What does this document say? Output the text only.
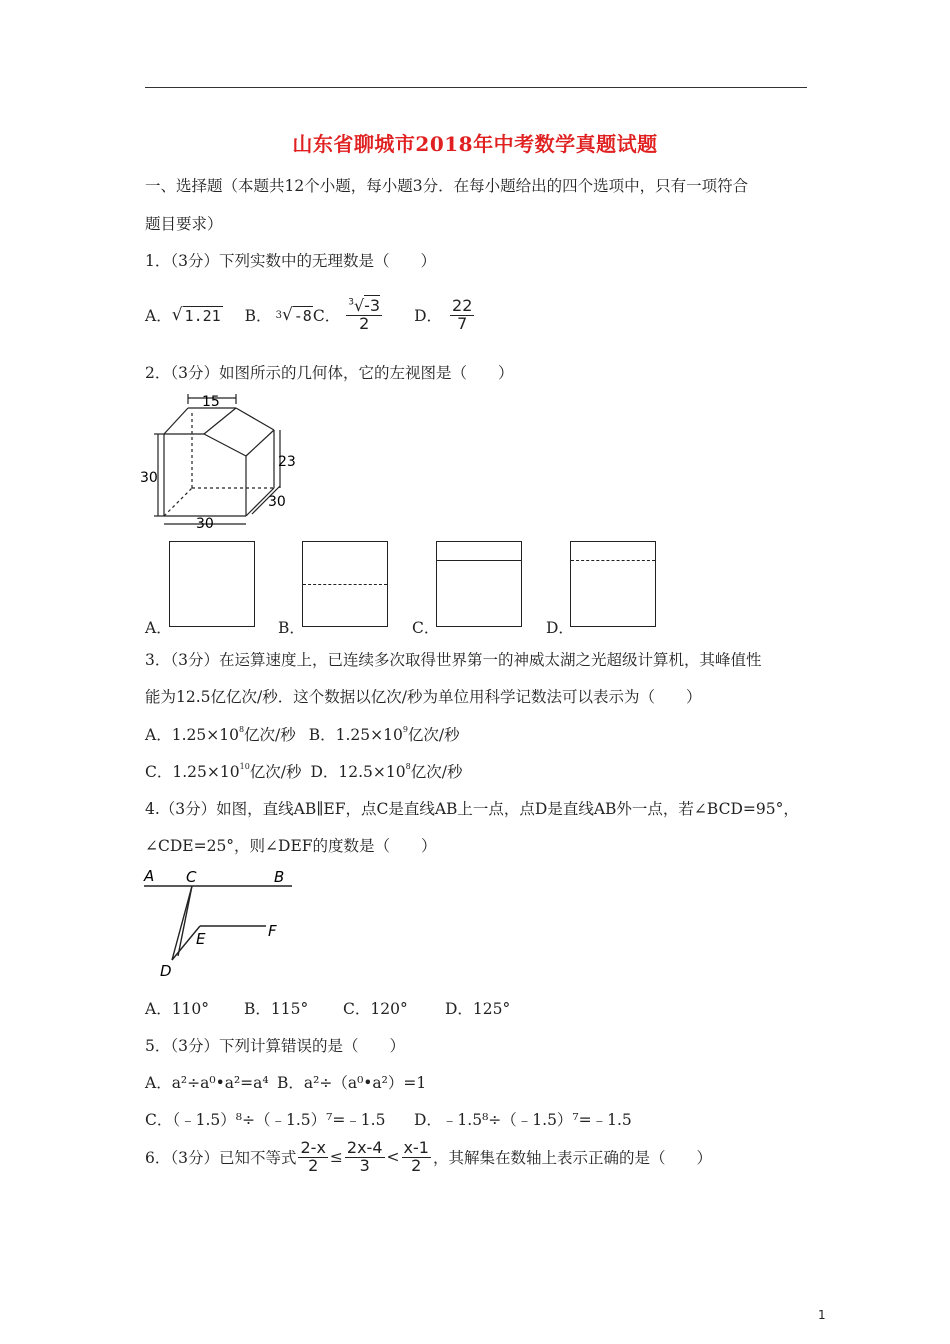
山东省聊城市2018年中考数学真题试题
一、选择题（本题共12个小题，每小题3分．在每小题给出的四个选项中，只有一项符合
题目要求）
1．（3分）下列实数中的无理数是（　　）
A． √ 1.21 B． 3 √ -8 C． $\frac{^3√-3}{2}$ D． $\frac{22}{7}$
2．（3分）如图所示的几何体，它的左视图是（　　）
15
30
23
30
30
A．	B．	C．	D．
3．（3分）在运算速度上，已连续多次取得世界第一的神威太湖之光超级计算机，其峰值性
能为12.5亿亿次/秒．这个数据以亿次/秒为单位用科学记数法可以表示为（　　）
A．$1.25\times 10^8$亿次/秒 B．$1.25\times 10^9$亿次/秒
C．$1.25\times 10^{10}$亿次/秒 D．$12.5\times 10^8$亿次/秒
4.（3分）如图，直线AB∥EF，点C是直线AB上一点，点D是直线AB外一点，若∠BCD=95°，
∠CDE=25°，则∠DEF的度数是（　　）
A C	B
E	F
D
A．110° B．115° C．120° D．125°
5．（3分）下列计算错误的是（　　）
A．a²÷a⁰•a²=a⁴ B．a²÷（a⁰•a²）=1
C．（﹣1.5）⁸÷（﹣1.5）⁷=﹣1.5 D．﹣1.5⁸÷（﹣1.5）⁷=﹣1.5
6．（3分）已知不等式 $\frac{2-x}{2} \le \frac{2x-4}{3} < \frac{x-1}{2}$ ，其解集在数轴上表示正确的是（　　）
1
